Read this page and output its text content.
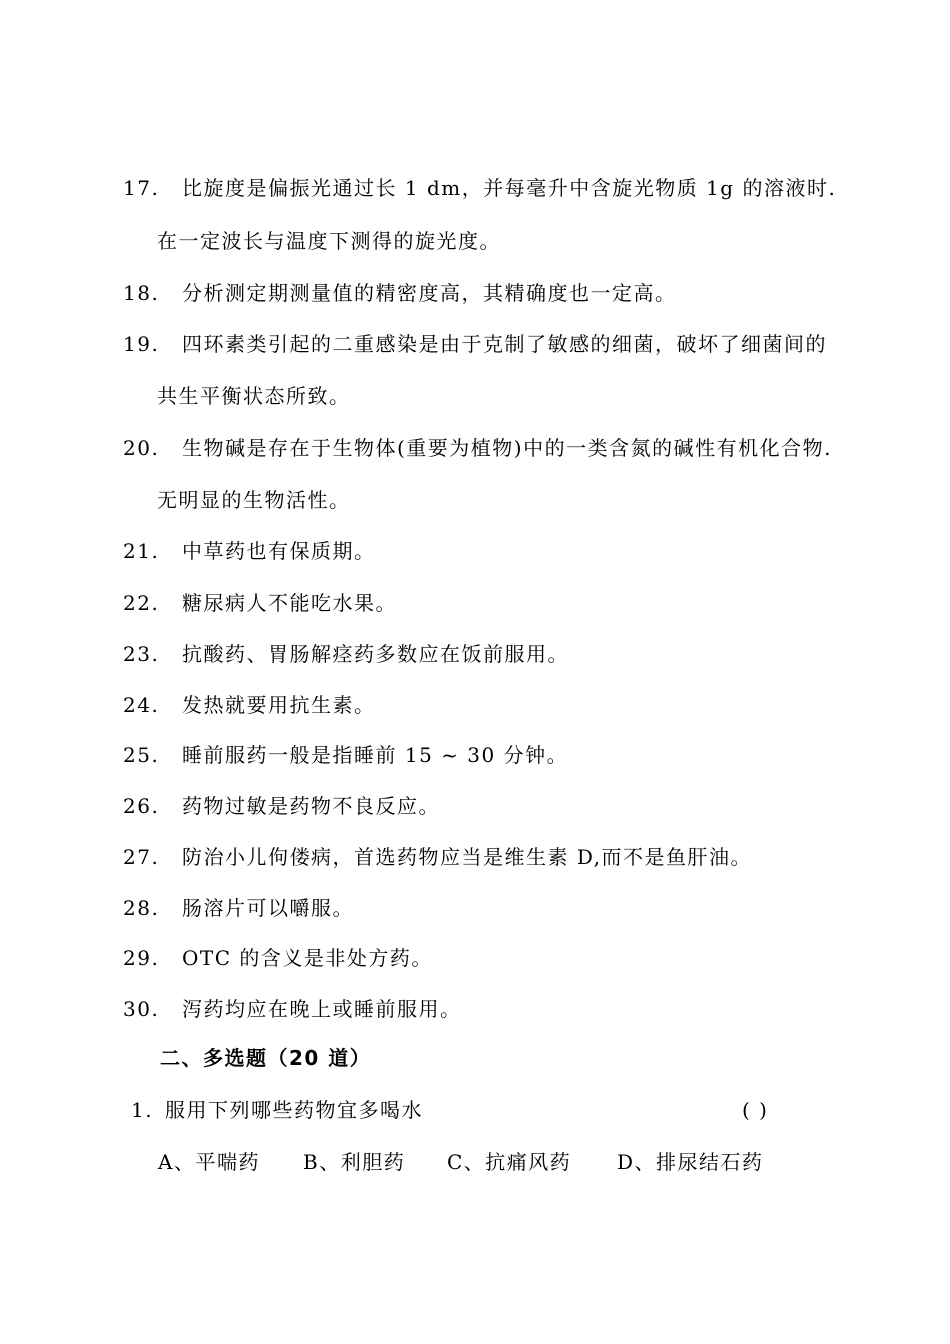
17.	比旋度是偏振光通过长 1 dm，并每毫升中含旋光物质 1g 的溶液时.
在一定波长与温度下测得的旋光度。
18.	分析测定期测量值的精密度高，其精确度也一定高。
19.	四环素类引起的二重感染是由于克制了敏感的细菌，破坏了细菌间的
共生平衡状态所致。
20.	生物碱是存在于生物体(重要为植物)中的一类含氮的碱性有机化合物.
无明显的生物活性。
21.	中草药也有保质期。
22.	糖尿病人不能吃水果。
23.	抗酸药、胃肠解痉药多数应在饭前服用。
24.	发热就要用抗生素。
25.	睡前服药一般是指睡前 15 ~ 30 分钟。
26.	药物过敏是药物不良反应。
27.	防治小儿佝偻病，首选药物应当是维生素 D,而不是鱼肝油。
28.	肠溶片可以嚼服。
29.	OTC 的含义是非处方药。
30.	泻药均应在晚上或睡前服用。
二、多选题（20 道）
1. 服用下列哪些药物宜多喝水	( )
A、平喘药 B、利胆药 C、抗痛风药 D、排尿结石药
